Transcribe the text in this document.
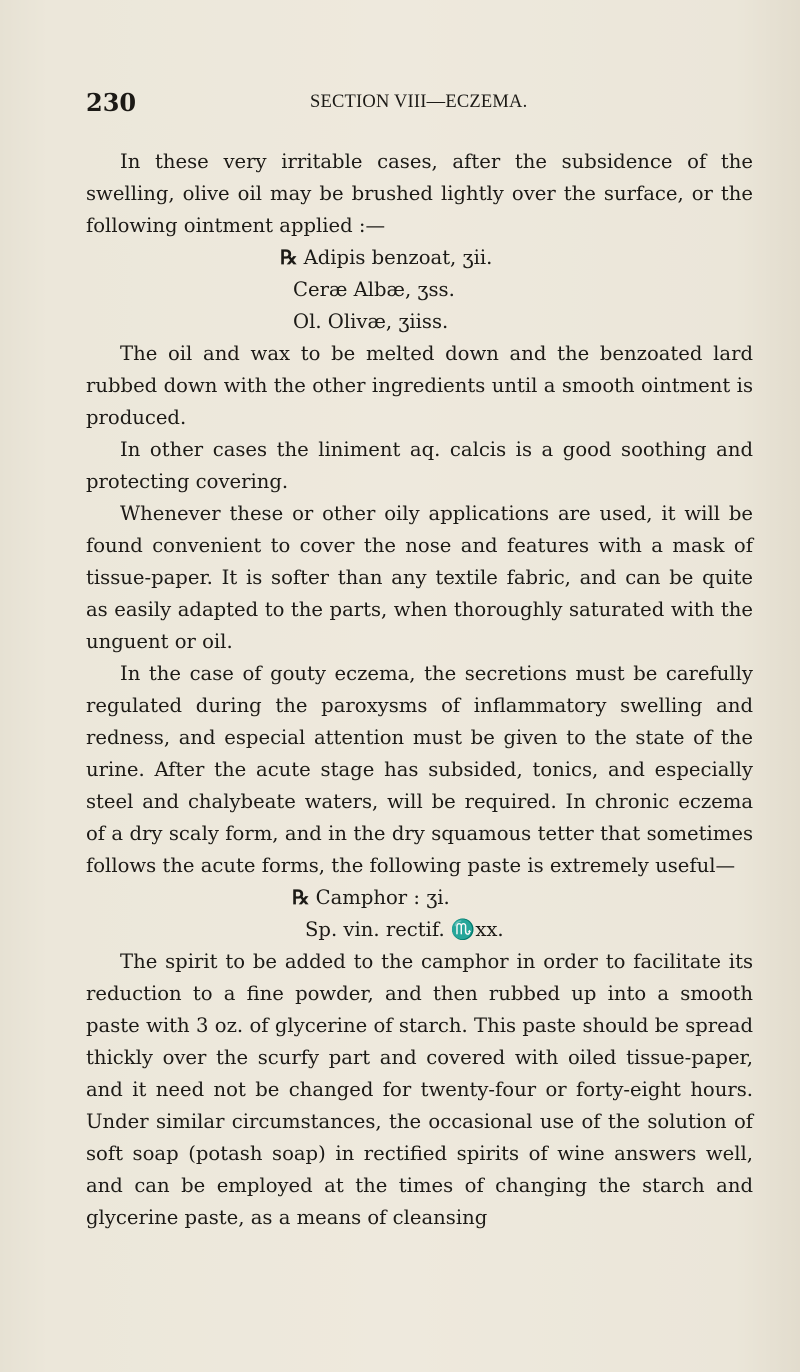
230	SECTION VIII—ECZEMA.

In these very irritable cases, after the subsidence of the swelling, olive oil may be brushed lightly over the surface, or the following ointment applied :—

℞ Adipis benzoat, ʒii.
Ceræ Albæ, ʒss.
Ol. Olivæ, ʒiiss.

The oil and wax to be melted down and the benzoated lard rubbed down with the other ingredients until a smooth ointment is produced.

In other cases the liniment aq. calcis is a good soothing and protecting covering.

Whenever these or other oily applications are used, it will be found convenient to cover the nose and features with a mask of tissue-paper. It is softer than any textile fabric, and can be quite as easily adapted to the parts, when thoroughly saturated with the unguent or oil.

In the case of gouty eczema, the secretions must be carefully regulated during the paroxysms of inflammatory swelling and redness, and especial attention must be given to the state of the urine. After the acute stage has subsided, tonics, and especially steel and chalybeate waters, will be required. In chronic eczema of a dry scaly form, and in the dry squamous tetter that sometimes follows the acute forms, the following paste is extremely useful—

℞ Camphor : ʒi.
Sp. vin. rectif. ♏xx.

The spirit to be added to the camphor in order to facilitate its reduction to a fine powder, and then rubbed up into a smooth paste with 3 oz. of glycerine of starch. This paste should be spread thickly over the scurfy part and covered with oiled tissue-paper, and it need not be changed for twenty-four or forty-eight hours. Under similar circumstances, the occasional use of the solution of soft soap (potash soap) in rectified spirits of wine answers well, and can be employed at the times of changing the starch and glycerine paste, as a means of cleansing
